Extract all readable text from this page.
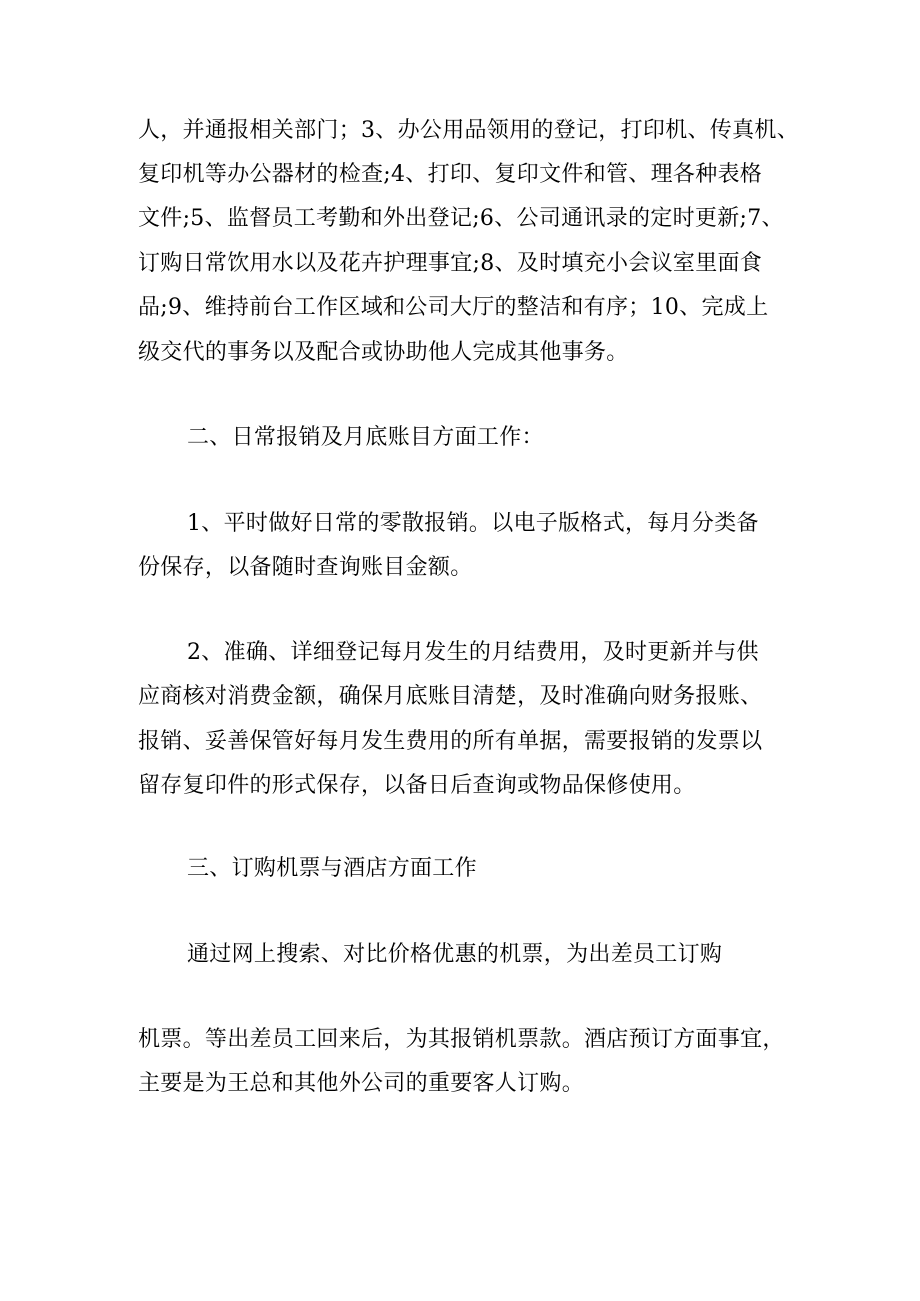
人，并通报相关部门；3、办公用品领用的登记，打印机、传真机、
复印机等办公器材的检查;4、打印、复印文件和管、理各种表格
文件;5、监督员工考勤和外出登记;6、公司通讯录的定时更新;7、
订购日常饮用水以及花卉护理事宜;8、及时填充小会议室里面食
品;9、维持前台工作区域和公司大厅的整洁和有序；10、完成上
级交代的事务以及配合或协助他人完成其他事务。
二、日常报销及月底账目方面工作：
1、平时做好日常的零散报销。以电子版格式，每月分类备
份保存，以备随时查询账目金额。
2、准确、详细登记每月发生的月结费用，及时更新并与供
应商核对消费金额，确保月底账目清楚，及时准确向财务报账、
报销、妥善保管好每月发生费用的所有单据，需要报销的发票以
留存复印件的形式保存，以备日后查询或物品保修使用。
三、订购机票与酒店方面工作
通过网上搜索、对比价格优惠的机票，为出差员工订购
机票。等出差员工回来后，为其报销机票款。酒店预订方面事宜，
主要是为王总和其他外公司的重要客人订购。
